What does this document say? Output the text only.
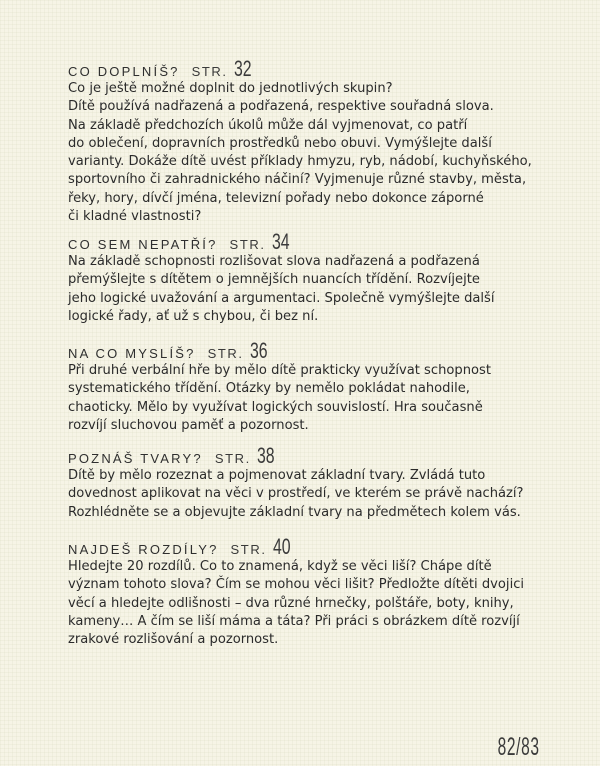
CO DOPLNÍŠ? STR. 32

Co je ještě možné doplnit do jednotlivých skupin?
Dítě používá nadřazená a podřazená, respektive souřadná slova.
Na základě předchozích úkolů může dál vyjmenovat, co patří
do oblečení, dopravních prostředků nebo obuvi. Vymýšlejte další
varianty. Dokáže dítě uvést příklady hmyzu, ryb, nádobí, kuchyňského,
sportovního či zahradnického náčiní? Vyjmenuje různé stavby, města,
řeky, hory, dívčí jména, televizní pořady nebo dokonce záporné
či kladné vlastnosti?

CO SEM NEPATŘÍ? STR. 34

Na základě schopnosti rozlišovat slova nadřazená a podřazená
přemýšlejte s dítětem o jemnějších nuancích třídění. Rozvíjejte
jeho logické uvažování a argumentaci. Společně vymýšlejte další
logické řady, ať už s chybou, či bez ní.

NA CO MYSLÍŠ? STR. 36

Při druhé verbální hře by mělo dítě prakticky využívat schopnost
systematického třídění. Otázky by nemělo pokládat nahodile,
chaoticky. Mělo by využívat logických souvislostí. Hra současně
rozvíjí sluchovou paměť a pozornost.

POZNÁŠ TVARY? STR. 38

Dítě by mělo rozeznat a pojmenovat základní tvary. Zvládá tuto
dovednost aplikovat na věci v prostředí, ve kterém se právě nachází?
Rozhlédněte se a objevujte základní tvary na předmětech kolem vás.

NAJDEŠ ROZDÍLY? STR. 40

Hledejte 20 rozdílů. Co to znamená, když se věci liší? Chápe dítě
význam tohoto slova? Čím se mohou věci lišit? Předložte dítěti dvojici
věcí a hledejte odlišnosti – dva různé hrnečky, polštáře, boty, knihy,
kameny… A čím se liší máma a táta? Při práci s obrázkem dítě rozvíjí
zrakové rozlišování a pozornost.

82/83
